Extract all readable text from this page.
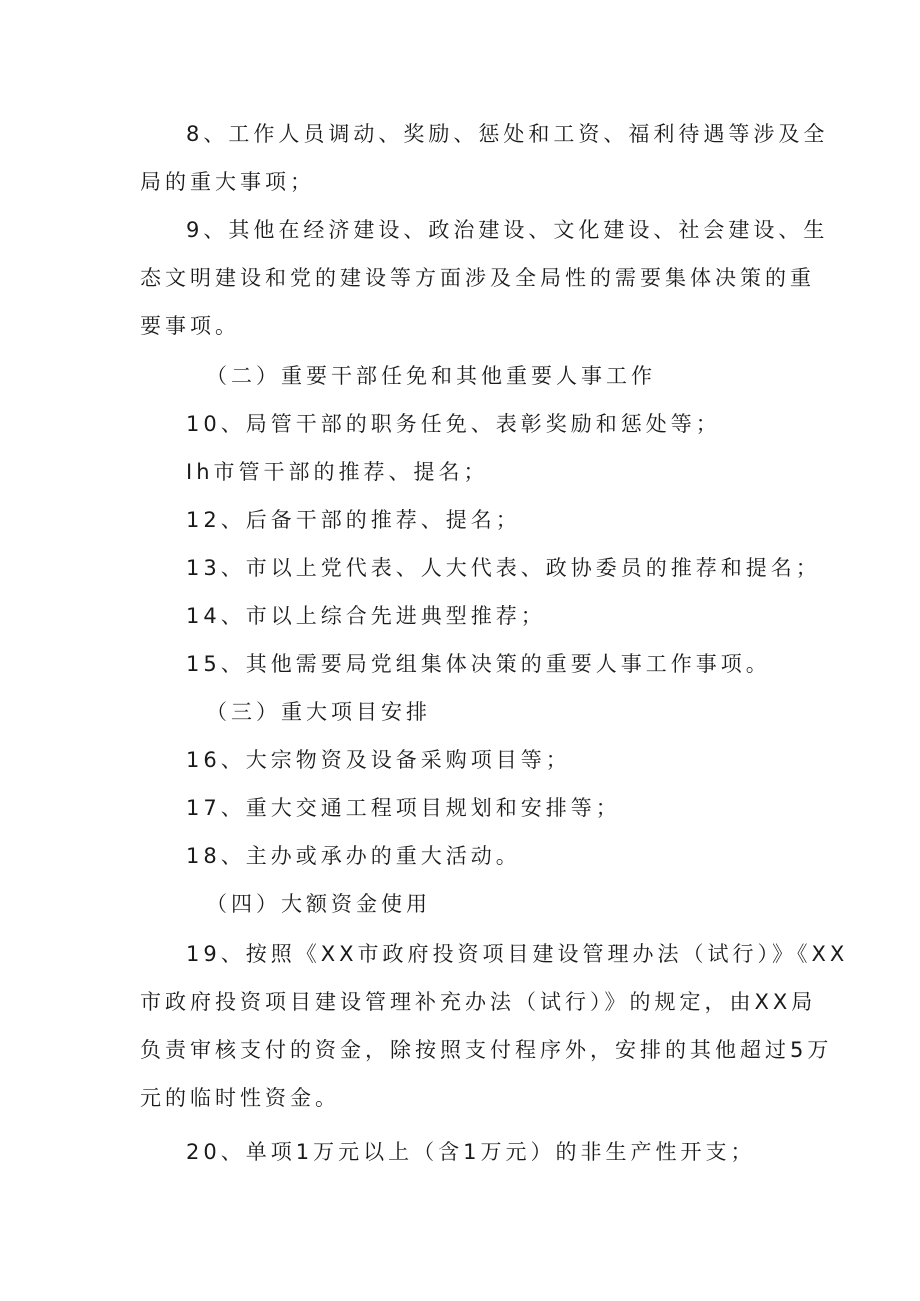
8、工作人员调动、奖励、惩处和工资、福利待遇等涉及全
局的重大事项；
9、其他在经济建设、政治建设、文化建设、社会建设、生
态文明建设和党的建设等方面涉及全局性的需要集体决策的重
要事项。
（二）重要干部任免和其他重要人事工作
10、局管干部的职务任免、表彰奖励和惩处等；
Ih市管干部的推荐、提名；
12、后备干部的推荐、提名；
13、市以上党代表、人大代表、政协委员的推荐和提名；
14、市以上综合先进典型推荐；
15、其他需要局党组集体决策的重要人事工作事项。
（三）重大项目安排
16、大宗物资及设备采购项目等；
17、重大交通工程项目规划和安排等；
18、主办或承办的重大活动。
（四）大额资金使用
19、按照《XX市政府投资项目建设管理办法（试行）》《XX
市政府投资项目建设管理补充办法（试行）》的规定，由XX局
负责审核支付的资金，除按照支付程序外，安排的其他超过5万
元的临时性资金。
20、单项1万元以上（含1万元）的非生产性开支；
